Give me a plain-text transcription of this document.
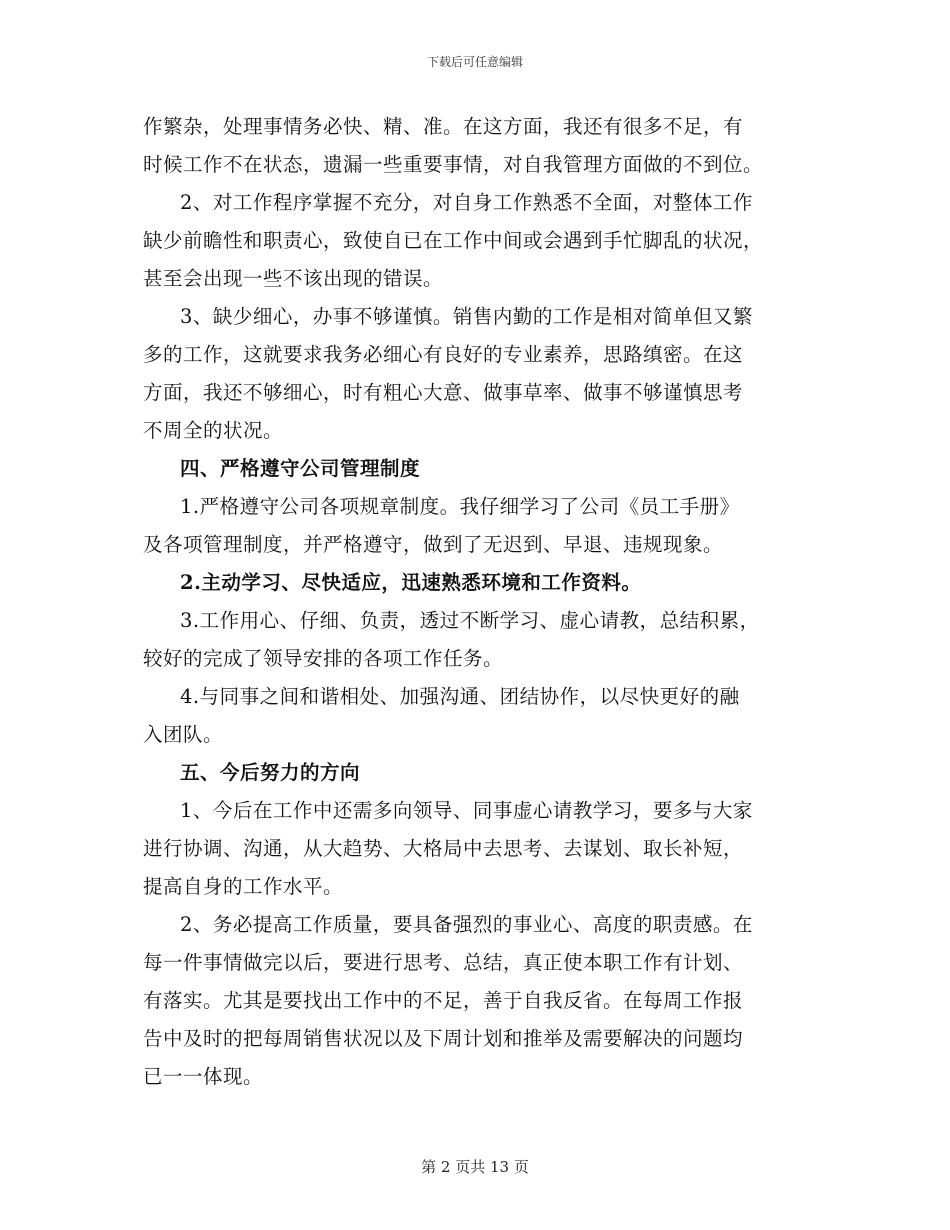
下载后可任意编辑
作繁杂，处理事情务必快、精、准。在这方面，我还有很多不足，有
时候工作不在状态，遗漏一些重要事情，对自我管理方面做的不到位。
2、对工作程序掌握不充分，对自身工作熟悉不全面，对整体工作
缺少前瞻性和职责心，致使自已在工作中间或会遇到手忙脚乱的状况，
甚至会出现一些不该出现的错误。
3、缺少细心，办事不够谨慎。销售内勤的工作是相对简单但又繁
多的工作，这就要求我务必细心有良好的专业素养，思路缜密。在这
方面，我还不够细心，时有粗心大意、做事草率、做事不够谨慎思考
不周全的状况。
四、严格遵守公司管理制度
1.严格遵守公司各项规章制度。我仔细学习了公司《员工手册》
及各项管理制度，并严格遵守，做到了无迟到、早退、违规现象。
2.主动学习、尽快适应，迅速熟悉环境和工作资料。
3.工作用心、仔细、负责，透过不断学习、虚心请教，总结积累，
较好的完成了领导安排的各项工作任务。
4.与同事之间和谐相处、加强沟通、团结协作，以尽快更好的融
入团队。
五、今后努力的方向
1、今后在工作中还需多向领导、同事虚心请教学习，要多与大家
进行协调、沟通，从大趋势、大格局中去思考、去谋划、取长补短，
提高自身的工作水平。
2、务必提高工作质量，要具备强烈的事业心、高度的职责感。在
每一件事情做完以后，要进行思考、总结，真正使本职工作有计划、
有落实。尤其是要找出工作中的不足，善于自我反省。在每周工作报
告中及时的把每周销售状况以及下周计划和推举及需要解决的问题均
已一一体现。
第 2 页共 13 页
